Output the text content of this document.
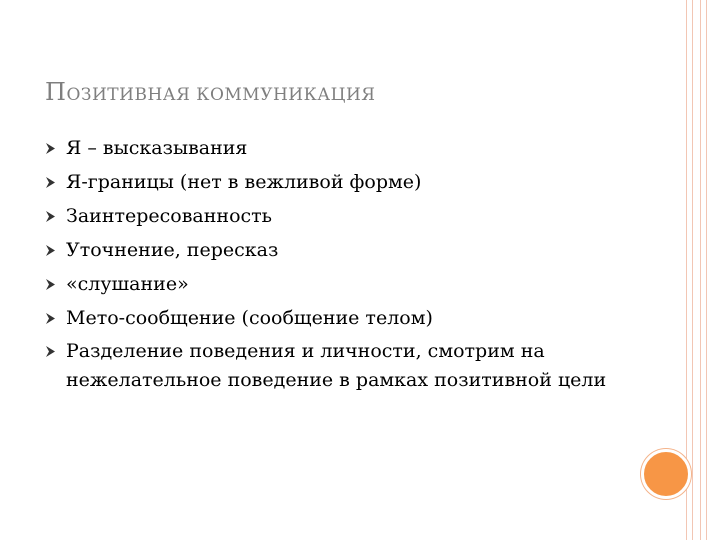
ПОЗИТИВНАЯ КОММУНИКАЦИЯ
Я – высказывания
Я-границы (нет в вежливой форме)
Заинтересованность
Уточнение, пересказ
«слушание»
Мето-сообщение (сообщение телом)
Разделение поведения и личности, смотрим на нежелательное поведение в рамках позитивной цели
